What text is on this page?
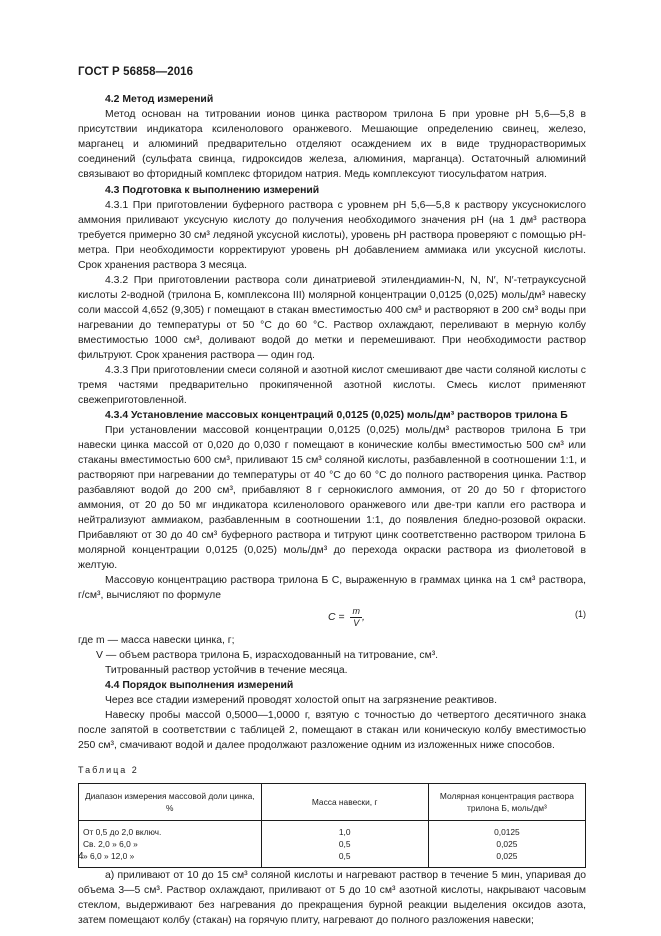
ГОСТ Р 56858—2016

4.2 Метод измерений

Метод основан на титровании ионов цинка раствором трилона Б при уровне pH 5,6—5,8 в присутствии индикатора ксиленолового оранжевого. Мешающие определению свинец, железо, марганец и алюминий предварительно отделяют осаждением их в виде труднорастворимых соединений (сульфата свинца, гидроксидов железа, алюминия, марганца). Остаточный алюминий связывают во фторидный комплекс фторидом натрия. Медь комплексуют тиосульфатом натрия.

4.3 Подготовка к выполнению измерений

4.3.1 При приготовлении буферного раствора c уровнем pH 5,6—5,8 к раствору уксуснокислого аммония приливают уксусную кислоту до получения необходимого значения pH (на 1 дм³ раствора требуется примерно 30 см³ ледяной уксусной кислоты), уровень pH раствора проверяют с помощью pH-метра. При необходимости корректируют уровень pH добавлением аммиака или уксусной кислоты. Срок хранения раствора 3 месяца.

4.3.2 При приготовлении раствора соли динатриевой этилендиамин-N, N, N′, N′-тетрауксусной кислоты 2-водной (трилона Б, комплексона III) молярной концентрации 0,0125 (0,025) моль/дм³ навеску соли массой 4,652 (9,305) г помещают в стакан вместимостью 400 см³ и растворяют в 200 см³ воды при нагревании до температуры от 50 °С до 60 °С. Раствор охлаждают, переливают в мерную колбу вместимостью 1000 см³, доливают водой до метки и перемешивают. При необходимости раствор фильтруют. Срок хранения раствора — один год.

4.3.3 При приготовлении смеси соляной и азотной кислот смешивают две части соляной кислоты с тремя частями предварительно прокипяченной азотной кислоты. Смесь кислот применяют свежеприготовленной.

4.3.4 Установление массовых концентраций 0,0125 (0,025) моль/дм³ растворов трилона Б

При установлении массовой концентрации 0,0125 (0,025) моль/дм³ растворов трилона Б три навески цинка массой от 0,020 до 0,030 г помещают в конические колбы вместимостью 500 см³ или стаканы вместимостью 600 см³, приливают 15 см³ соляной кислоты, разбавленной в соотношении 1:1, и растворяют при нагревании до температуры от 40 °С до 60 °С до полного растворения цинка. Раствор разбавляют водой до 200 см³, прибавляют 8 г сернокислого аммония, от 20 до 50 г фтористого аммония, от 20 до 50 мг индикатора ксиленолового оранжевого или две-три капли его раствора и нейтрализуют аммиаком, разбавленным в соотношении 1:1, до появления бледно-розовой окраски. Прибавляют от 30 до 40 см³ буферного раствора и титруют цинк соответственно раствором трилона Б молярной концентрации 0,0125 (0,025) моль/дм³ до перехода окраски раствора из фиолетовой в желтую.

Массовую концентрацию раствора трилона Б C, выраженную в граммах цинка на 1 см³ раствора, г/см³, вычисляют по формуле

$C = \frac{m}{V}$ ,	(1)

где m — масса навески цинка, г;

V — объем раствора трилона Б, израсходованный на титрование, см³.

Титрованный раствор устойчив в течение месяца.

4.4 Порядок выполнения измерений

Через все стадии измерений проводят холостой опыт на загрязнение реактивов.

Навеску пробы массой 0,5000—1,0000 г, взятую с точностью до четвертого десятичного знака после запятой в соответствии с таблицей 2, помещают в стакан или коническую колбу вместимостью 250 см³, смачивают водой и далее продолжают разложение одним из изложенных ниже способов.

Таблица 2
Диапазон измерения массовой доли цинка, %	Масса навески, г	Молярная концентрация раствора трилона Б, моль/дм³
От 0,5 до 2,0 включ.	1,0	0,0125
Св. 2,0 » 6,0 »	0,5	0,025
» 6,0 » 12,0 »	0,5	0,025

а) приливают от 10 до 15 см³ соляной кислоты и нагревают раствор в течение 5 мин, упаривая до объема 3—5 см³. Раствор охлаждают, приливают от 5 до 10 см³ азотной кислоты, накрывают часовым стеклом, выдерживают без нагревания до прекращения бурной реакции выделения оксидов азота, затем помещают колбу (стакан) на горячую плиту, нагревают до полного разложения навески;

4
